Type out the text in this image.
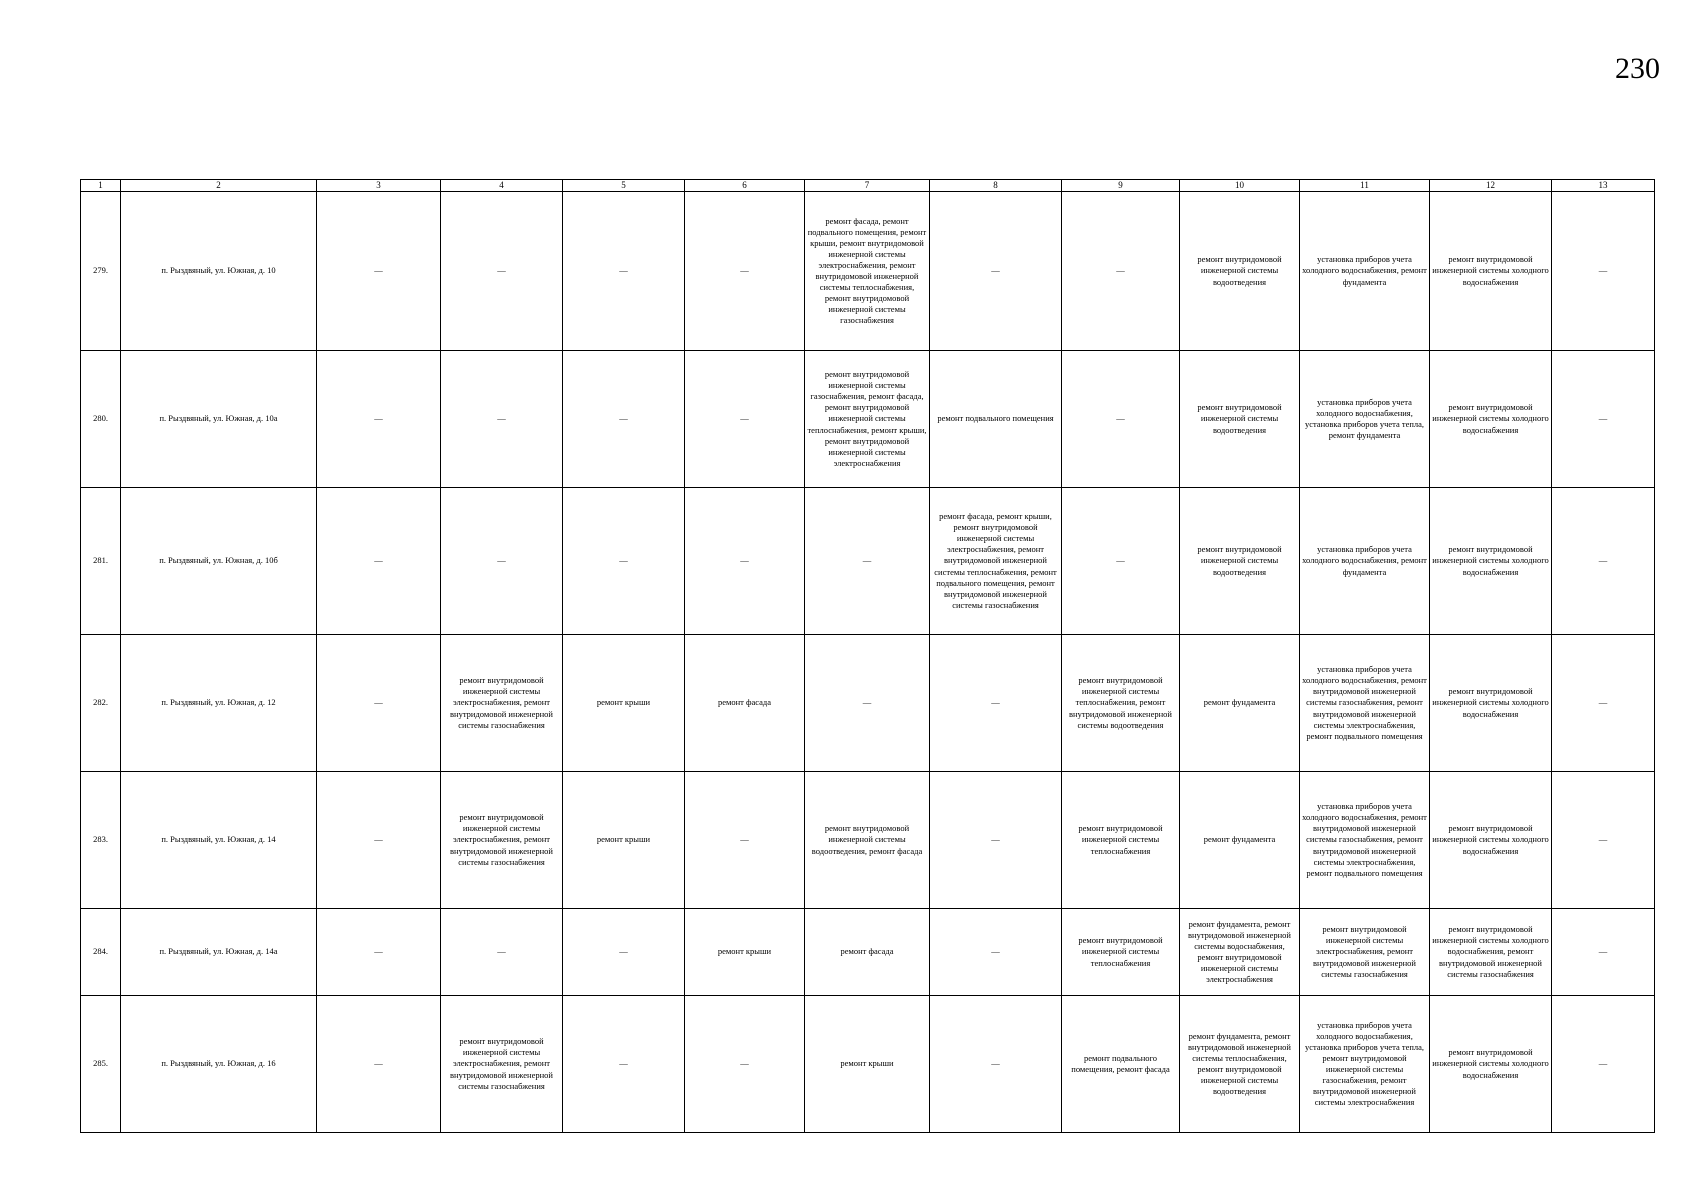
230
1	2	3	4	5	6	7	8	9	10	11	12	13
279.	п. Рыздвяный, ул. Южная, д. 10	—	—	—	—	ремонт фасада, ремонт подвального помещения, ремонт крыши, ремонт внутридомовой инженерной системы электроснабжения, ремонт внутридомовой инженерной системы теплоснабжения, ремонт внутридомовой инженерной системы газоснабжения	—	—	ремонт внутридомовой инженерной системы водоотведения	установка приборов учета холодного водоснабжения, ремонт фундамента	ремонт внутридомовой инженерной системы холодного водоснабжения	—
280.	п. Рыздвяный, ул. Южная, д. 10а	—	—	—	—	ремонт внутридомовой инженерной системы газоснабжения, ремонт фасада, ремонт внутридомовой инженерной системы теплоснабжения, ремонт крыши, ремонт внутридомовой инженерной системы электроснабжения	ремонт подвального помещения	—	ремонт внутридомовой инженерной системы водоотведения	установка приборов учета холодного водоснабжения, установка приборов учета тепла, ремонт фундамента	ремонт внутридомовой инженерной системы холодного водоснабжения	—
281.	п. Рыздвяный, ул. Южная, д. 10б	—	—	—	—	—	ремонт фасада, ремонт крыши, ремонт внутридомовой инженерной системы электроснабжения, ремонт внутридомовой инженерной системы теплоснабжения, ремонт подвального помещения, ремонт внутридомовой инженерной системы газоснабжения	—	ремонт внутридомовой инженерной системы водоотведения	установка приборов учета холодного водоснабжения, ремонт фундамента	ремонт внутридомовой инженерной системы холодного водоснабжения	—
282.	п. Рыздвяный, ул. Южная, д. 12	—	ремонт внутридомовой инженерной системы электроснабжения, ремонт внутридомовой инженерной системы газоснабжения	ремонт крыши	ремонт фасада	—	—	ремонт внутридомовой инженерной системы теплоснабжения, ремонт внутридомовой инженерной системы водоотведения	ремонт фундамента	установка приборов учета холодного водоснабжения, ремонт внутридомовой инженерной системы газоснабжения, ремонт внутридомовой инженерной системы электроснабжения, ремонт подвального помещения	ремонт внутридомовой инженерной системы холодного водоснабжения	—
283.	п. Рыздвяный, ул. Южная, д. 14	—	ремонт внутридомовой инженерной системы электроснабжения, ремонт внутридомовой инженерной системы газоснабжения	ремонт крыши	—	ремонт внутридомовой инженерной системы водоотведения, ремонт фасада	—	ремонт внутридомовой инженерной системы теплоснабжения	ремонт фундамента	установка приборов учета холодного водоснабжения, ремонт внутридомовой инженерной системы газоснабжения, ремонт внутридомовой инженерной системы электроснабжения, ремонт подвального помещения	ремонт внутридомовой инженерной системы холодного водоснабжения	—
284.	п. Рыздвяный, ул. Южная, д. 14а	—	—	—	ремонт крыши	ремонт фасада	—	ремонт внутридомовой инженерной системы теплоснабжения	ремонт фундамента, ремонт внутридомовой инженерной системы водоснабжения, ремонт внутридомовой инженерной системы электроснабжения	ремонт внутридомовой инженерной системы электроснабжения, ремонт внутридомовой инженерной системы газоснабжения	ремонт внутридомовой инженерной системы холодного водоснабжения, ремонт внутридомовой инженерной системы газоснабжения	—
285.	п. Рыздвяный, ул. Южная, д. 16	—	ремонт внутридомовой инженерной системы электроснабжения, ремонт внутридомовой инженерной системы газоснабжения	—	—	ремонт крыши	—	ремонт подвального помещения, ремонт фасада	ремонт фундамента, ремонт внутридомовой инженерной системы теплоснабжения, ремонт внутридомовой инженерной системы водоотведения	установка приборов учета холодного водоснабжения, установка приборов учета тепла, ремонт внутридомовой инженерной системы газоснабжения, ремонт внутридомовой инженерной системы электроснабжения	ремонт внутридомовой инженерной системы холодного водоснабжения	—
